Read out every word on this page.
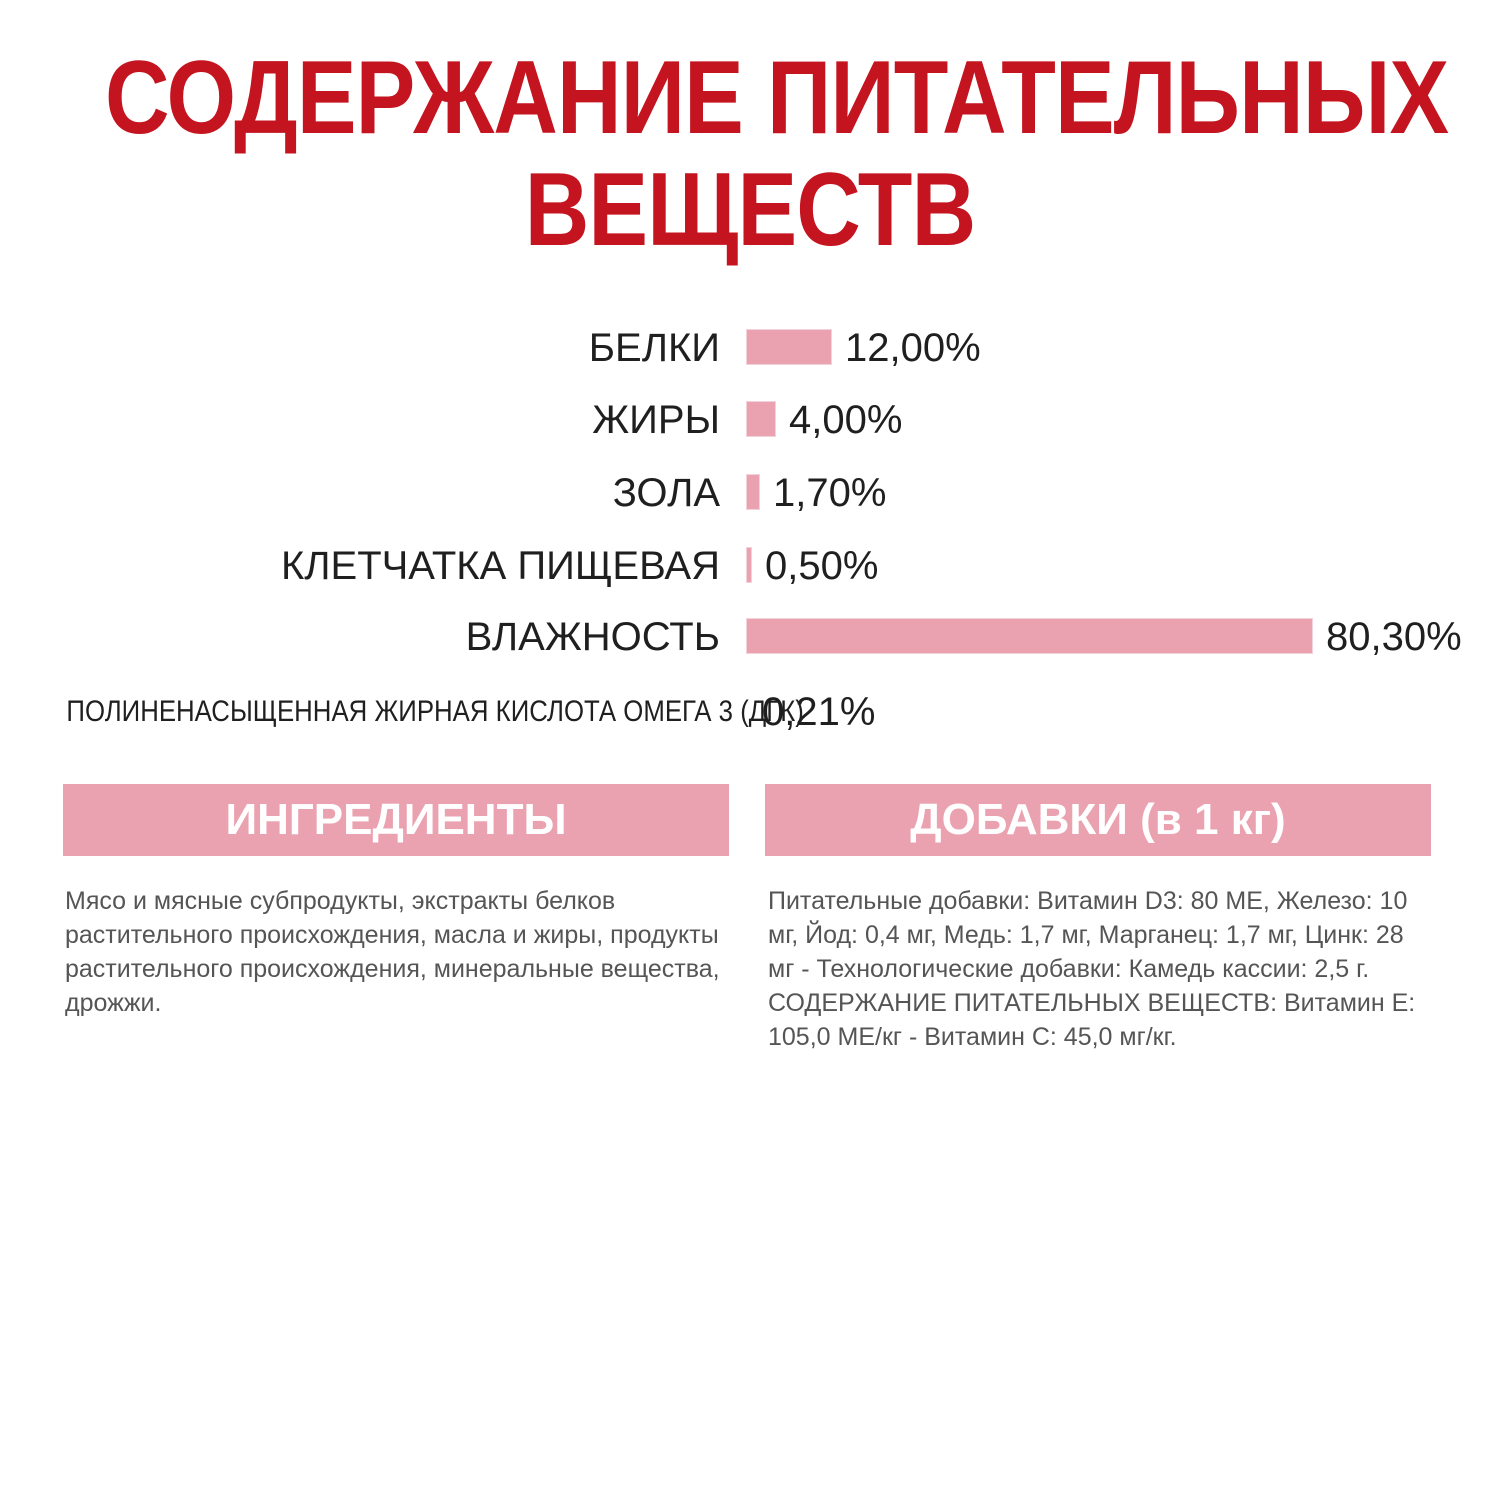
СОДЕРЖАНИЕ ПИТАТЕЛЬНЫХ
ВЕЩЕСТВ
БЕЛКИ	12,00%
ЖИРЫ 4,00%
ЗОЛА 1,70%
КЛЕТЧАТКА ПИЩЕВАЯ 0,50%
ВЛАЖНОСТЬ	80,30%
ПОЛИНЕНАСЫЩЕННАЯ ЖИРНАЯ КИСЛОТА ОМЕГА 3 (ДГК)
0,21%
ИНГРЕДИЕНТЫ
Мясо и мясные субпродукты, экстракты белков растительного происхождения, масла и жиры, продукты растительного происхождения, минеральные вещества, дрожжи.
ДОБАВКИ (в 1 кг)
Питательные добавки: Витамин D3: 80 МЕ, Железо: 10 мг, Йод: 0,4 мг, Медь: 1,7 мг, Марганец: 1,7 мг, Цинк: 28 мг - Технологические добавки: Камедь кассии: 2,5 г. СОДЕРЖАНИЕ ПИТАТЕЛЬНЫХ ВЕЩЕСТВ: Витамин E: 105,0 МЕ/кг - Витамин C: 45,0 мг/кг.
